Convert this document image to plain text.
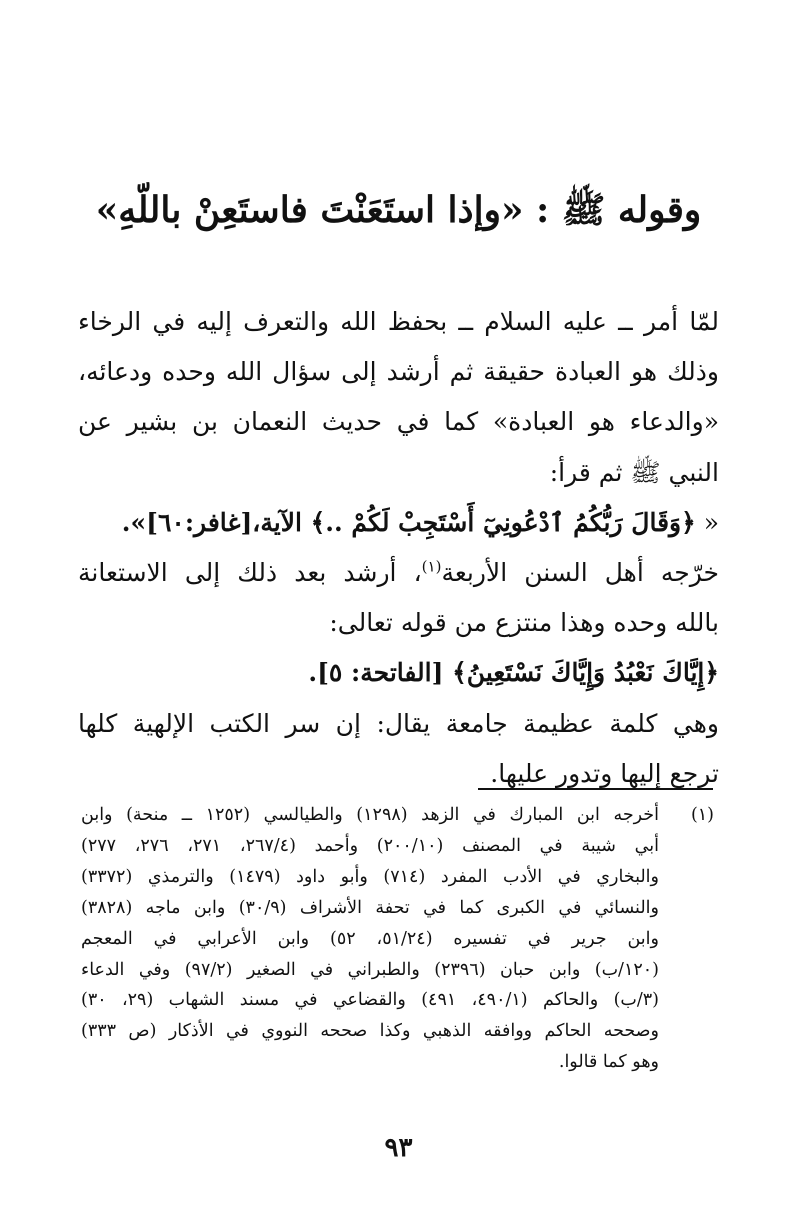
وقوله ﷺ : «وإذا استَعَنْتَ فاستَعِنْ باللّهِ»
لمّا أمر ــ عليه السلام ــ بحفظ الله والتعرف إليه في الرخاء
وذلك هو العبادة حقيقة ثم أرشد إلى سؤال الله وحده ودعائه،
«والدعاء هو العبادة» كما في حديث النعمان بن بشير عن
النبي ﷺ ثم قرأ:
« ﴿وَقَالَ رَبُّكُمُ ٱدْعُونِيٓ أَسْتَجِبْ لَكُمْ ..﴾ الآية،[غافر:٦٠]».
خرّجه أهل السنن الأربعة$^{(١)}$، أرشد بعد ذلك إلى الاستعانة
بالله وحده وهذا منتزع من قوله تعالى:
﴿إِيَّاكَ نَعْبُدُ وَإِيَّاكَ نَسْتَعِينُ﴾ [الفاتحة: ٥].
وهي كلمة عظيمة جامعة يقال: إن سر الكتب الإلهية كلها
ترجع إليها وتدور عليها.
(١)
أخرجه ابن المبارك في الزهد (١٢٩٨) والطيالسي (١٢٥٢ ــ منحة) وابن
أبي شيبة في المصنف (٢٠٠/١٠) وأحمد (٢٦٧/٤، ٢٧١، ٢٧٦، ٢٧٧)
والبخاري في الأدب المفرد (٧١٤) وأبو داود (١٤٧٩) والترمذي (٣٣٧٢)
والنسائي في الكبرى كما في تحفة الأشراف (٣٠/٩) وابن ماجه (٣٨٢٨)
وابن جرير في تفسيره (٥١/٢٤، ٥٢) وابن الأعرابي في المعجم
(١٢٠/ب) وابن حبان (٢٣٩٦) والطبراني في الصغير (٩٧/٢) وفي الدعاء
(٣/ب) والحاكم (٤٩٠/١، ٤٩١) والقضاعي في مسند الشهاب (٢٩، ٣٠)
وصححه الحاكم ووافقه الذهبي وكذا صححه النووي في الأذكار (ص ٣٣٣)
وهو كما قالوا.
٩٣
